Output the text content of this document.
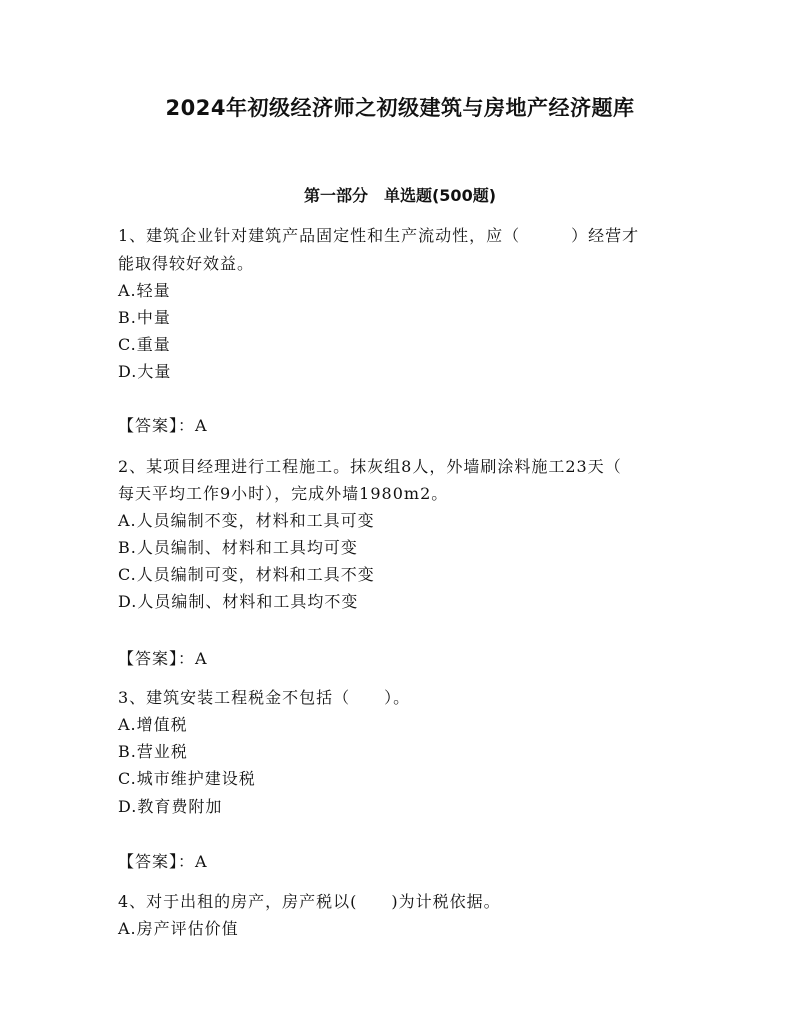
2024年初级经济师之初级建筑与房地产经济题库
第一部分　单选题(500题)
1、建筑企业针对建筑产品固定性和生产流动性，应（　　　）经营才
能取得较好效益。
A.轻量
B.中量
C.重量
D.大量
【答案】：A
2、某项目经理进行工程施工。抹灰组8人，外墙刷涂料施工23天（
每天平均工作9小时），完成外墙1980m2。
A.人员编制不变，材料和工具可变
B.人员编制、材料和工具均可变
C.人员编制可变，材料和工具不变
D.人员编制、材料和工具均不变
【答案】：A
3、建筑安装工程税金不包括（　　）。
A.增值税
B.营业税
C.城市维护建设税
D.教育费附加
【答案】：A
4、对于出租的房产，房产税以(　　)为计税依据。
A.房产评估价值
